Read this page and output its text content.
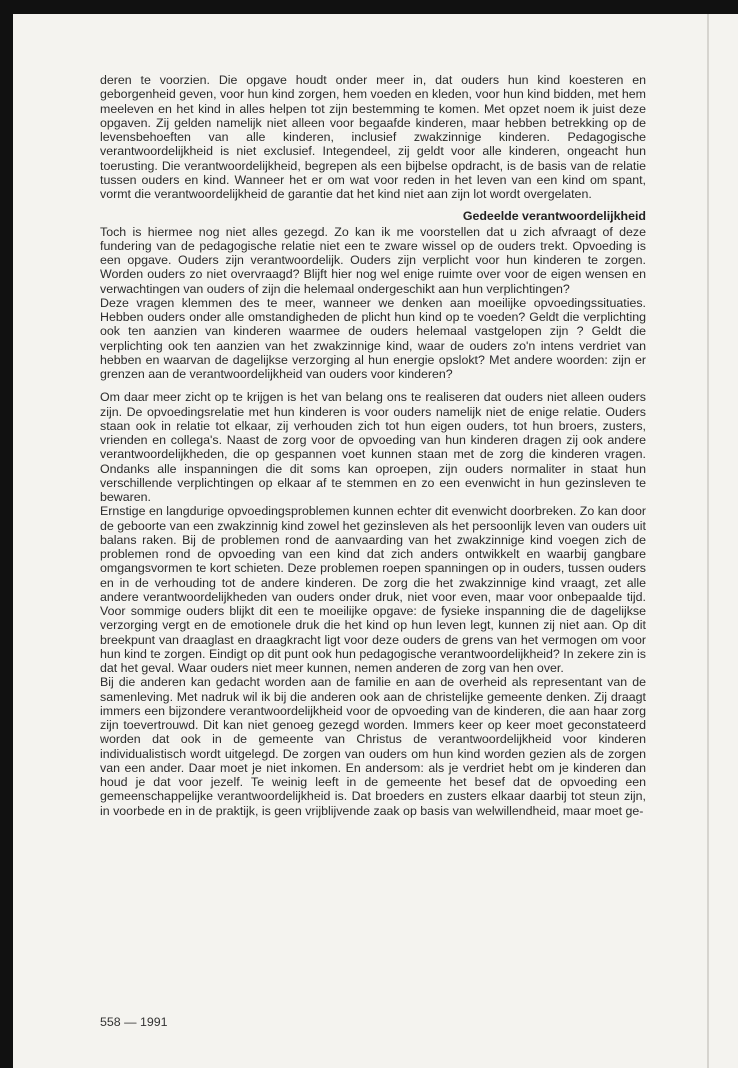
deren te voorzien. Die opgave houdt onder meer in, dat ouders hun kind koesteren en geborgenheid geven, voor hun kind zorgen, hem voeden en kleden, voor hun kind bidden, met hem meeleven en het kind in alles helpen tot zijn bestemming te komen. Met opzet noem ik juist deze opgaven. Zij gelden namelijk niet alleen voor begaafde kinderen, maar hebben betrekking op de levensbehoeften van alle kinderen, inclusief zwakzinnige kinderen. Pedagogische verantwoordelijkheid is niet exclusief. Integendeel, zij geldt voor alle kinderen, ongeacht hun toerusting. Die verantwoordelijkheid, begrepen als een bijbelse opdracht, is de basis van de relatie tussen ouders en kind. Wanneer het er om wat voor reden in het leven van een kind om spant, vormt die verantwoordelijkheid de garantie dat het kind niet aan zijn lot wordt overgelaten.

Gedeelde verantwoordelijkheid

Toch is hiermee nog niet alles gezegd. Zo kan ik me voorstellen dat u zich afvraagt of deze fundering van de pedagogische relatie niet een te zware wissel op de ouders trekt. Opvoeding is een opgave. Ouders zijn verantwoordelijk. Ouders zijn verplicht voor hun kinderen te zorgen. Worden ouders zo niet overvraagd? Blijft hier nog wel enige ruimte over voor de eigen wensen en verwachtingen van ouders of zijn die helemaal ondergeschikt aan hun verplichtingen?

Deze vragen klemmen des te meer, wanneer we denken aan moeilijke opvoedingssituaties. Hebben ouders onder alle omstandigheden de plicht hun kind op te voeden? Geldt die verplichting ook ten aanzien van kinderen waarmee de ouders helemaal vastgelopen zijn ? Geldt die verplichting ook ten aanzien van het zwakzinnige kind, waar de ouders zo'n intens verdriet van hebben en waarvan de dagelijkse verzorging al hun energie opslokt? Met andere woorden: zijn er grenzen aan de verantwoordelijkheid van ouders voor kinderen?

Om daar meer zicht op te krijgen is het van belang ons te realiseren dat ouders niet alleen ouders zijn. De opvoedingsrelatie met hun kinderen is voor ouders namelijk niet de enige relatie. Ouders staan ook in relatie tot elkaar, zij verhouden zich tot hun eigen ouders, tot hun broers, zusters, vrienden en collega's. Naast de zorg voor de opvoeding van hun kinderen dragen zij ook andere verantwoordelijkheden, die op gespannen voet kunnen staan met de zorg die kinderen vragen. Ondanks alle inspanningen die dit soms kan oproepen, zijn ouders normaliter in staat hun verschillende verplichtingen op elkaar af te stemmen en zo een evenwicht in hun gezinsleven te bewaren.

Ernstige en langdurige opvoedingsproblemen kunnen echter dit evenwicht doorbreken. Zo kan door de geboorte van een zwakzinnig kind zowel het gezinsleven als het persoonlijk leven van ouders uit balans raken. Bij de problemen rond de aanvaarding van het zwakzinnige kind voegen zich de problemen rond de opvoeding van een kind dat zich anders ontwikkelt en waarbij gangbare omgangsvormen te kort schieten. Deze problemen roepen spanningen op in ouders, tussen ouders en in de verhouding tot de andere kinderen. De zorg die het zwakzinnige kind vraagt, zet alle andere verantwoordelijkheden van ouders onder druk, niet voor even, maar voor onbepaalde tijd. Voor sommige ouders blijkt dit een te moeilijke opgave: de fysieke inspanning die de dagelijkse verzorging vergt en de emotionele druk die het kind op hun leven legt, kunnen zij niet aan. Op dit breekpunt van draaglast en draagkracht ligt voor deze ouders de grens van het vermogen om voor hun kind te zorgen. Eindigt op dit punt ook hun pedagogische verantwoordelijkheid? In zekere zin is dat het geval. Waar ouders niet meer kunnen, nemen anderen de zorg van hen over.

Bij die anderen kan gedacht worden aan de familie en aan de overheid als representant van de samenleving. Met nadruk wil ik bij die anderen ook aan de christelijke gemeente denken. Zij draagt immers een bijzondere verantwoordelijkheid voor de opvoeding van de kinderen, die aan haar zorg zijn toevertrouwd. Dit kan niet genoeg gezegd worden. Immers keer op keer moet geconstateerd worden dat ook in de gemeente van Christus de verantwoordelijkheid voor kinderen individualistisch wordt uitgelegd. De zorgen van ouders om hun kind worden gezien als de zorgen van een ander. Daar moet je niet inkomen. En andersom: als je verdriet hebt om je kinderen dan houd je dat voor jezelf. Te weinig leeft in de gemeente het besef dat de opvoeding een gemeenschappelijke verantwoordelijkheid is. Dat broeders en zusters elkaar daarbij tot steun zijn, in voorbede en in de praktijk, is geen vrijblijvende zaak op basis van welwillendheid, maar moet ge-

558 — 1991
